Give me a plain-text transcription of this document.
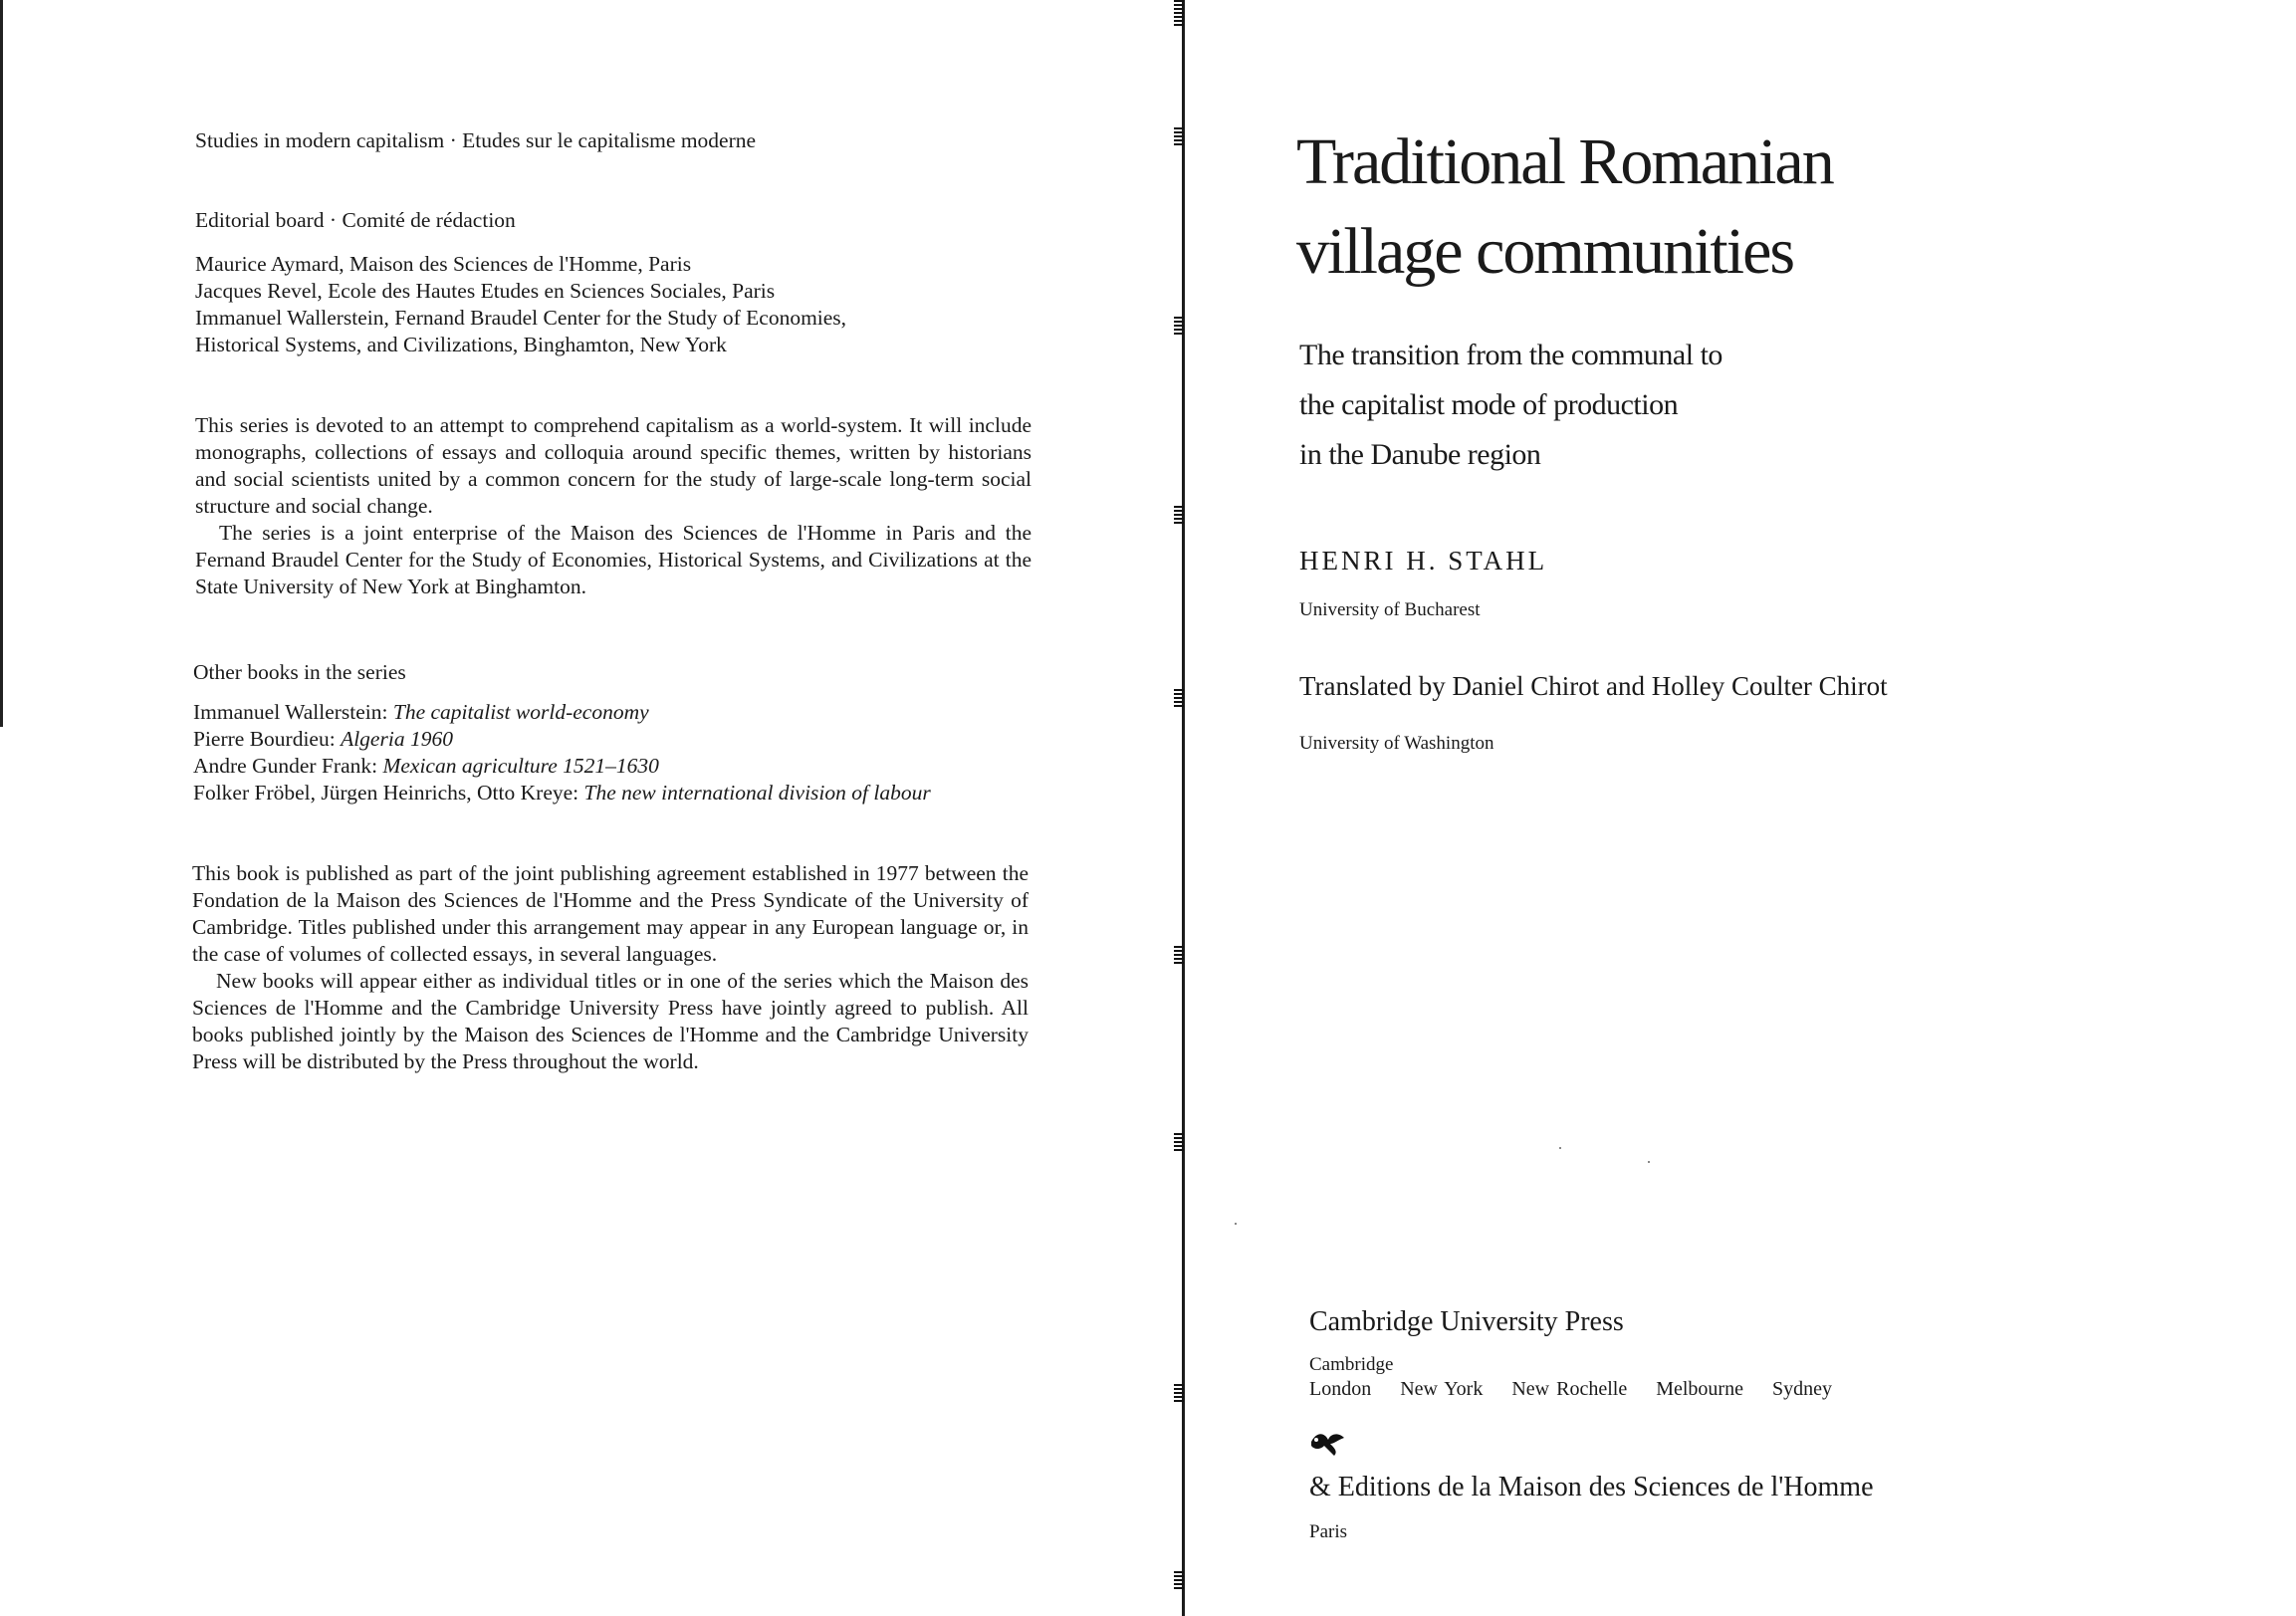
Studies in modern capitalism · Etudes sur le capitalisme moderne
Editorial board · Comité de rédaction
Maurice Aymard, Maison des Sciences de l'Homme, Paris
Jacques Revel, Ecole des Hautes Etudes en Sciences Sociales, Paris
Immanuel Wallerstein, Fernand Braudel Center for the Study of Economies,
Historical Systems, and Civilizations, Binghamton, New York

This series is devoted to an attempt to comprehend capitalism as a world-system. It will include monographs, collections of essays and colloquia around specific themes, written by historians and social scientists united by a common concern for the study of large-scale long-term social structure and social change.

The series is a joint enterprise of the Maison des Sciences de l'Homme in Paris and the Fernand Braudel Center for the Study of Economies, Historical Systems, and Civilizations at the State University of New York at Binghamton.

Other books in the series
Immanuel Wallerstein: The capitalist world-economy
Pierre Bourdieu: Algeria 1960
Andre Gunder Frank: Mexican agriculture 1521–1630
Folker Fröbel, Jürgen Heinrichs, Otto Kreye: The new international division of labour

This book is published as part of the joint publishing agreement established in 1977 between the Fondation de la Maison des Sciences de l'Homme and the Press Syndicate of the University of Cambridge. Titles published under this arrangement may appear in any European language or, in the case of volumes of collected essays, in several languages.

New books will appear either as individual titles or in one of the series which the Maison des Sciences de l'Homme and the Cambridge University Press have jointly agreed to publish. All books published jointly by the Maison des Sciences de l'Homme and the Cambridge University Press will be distributed by the Press throughout the world.

Traditional Romanian
village communities
The transition from the communal to
the capitalist mode of production
in the Danube region
HENRI H. STAHL
University of Bucharest
Translated by Daniel Chirot and Holley Coulter Chirot
University of Washington
Cambridge University Press
Cambridge
London New York New Rochelle Melbourne Sydney
& Editions de la Maison des Sciences de l'Homme
Paris
